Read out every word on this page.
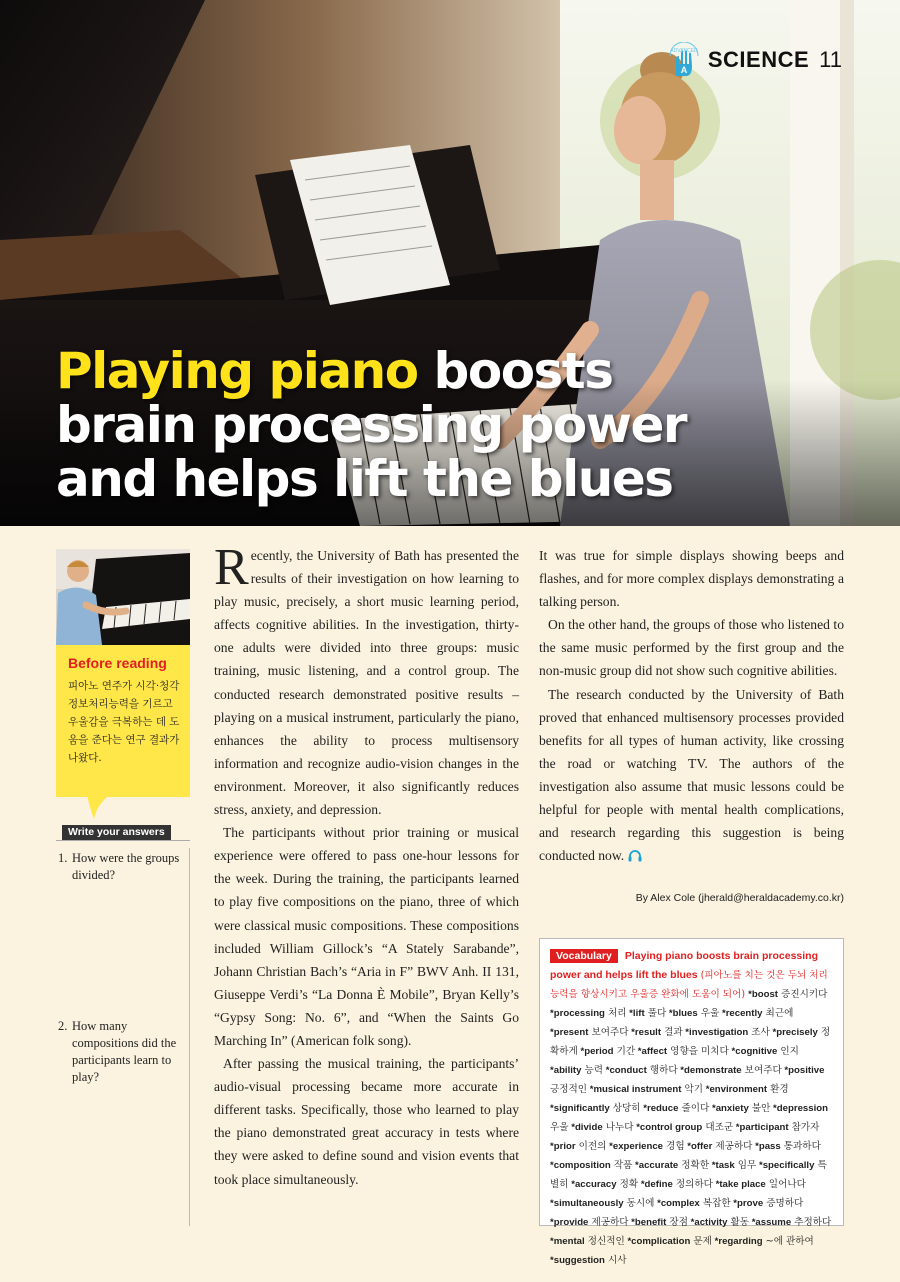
ADVANCED
A SCIENCE 11
Playing piano boosts brain processing power and helps lift the blues
Before reading
피아노 연주가 시각·청각 정보처리능력을 기르고 우울감을 극복하는 데 도움을 준다는 연구 결과가 나왔다.
Write your answers
1. How were the groups divided?
2. How many compositions did the participants learn to play?

Recently, the University of Bath has presented the results of their investigation on how learning to play music, precisely, a short music learning period, affects cognitive abilities. In the investigation, thirty-one adults were divided into three groups: music training, music listening, and a control group. The conducted research demonstrated positive results – playing on a musical instrument, particularly the piano, enhances the ability to process multisensory information and recognize audio-vision changes in the environment. Moreover, it also significantly reduces stress, anxiety, and depression.

The participants without prior training or musical experience were offered to pass one-hour lessons for the week. During the training, the participants learned to play five compositions on the piano, three of which were classical music compositions. These compositions included William Gillock’s “A Stately Sarabande”, Johann Christian Bach’s “Aria in F” BWV Anh. II 131, Giuseppe Verdi’s “La Donna È Mobile”, Bryan Kelly’s “Gypsy Song: No. 6”, and “When the Saints Go Marching In” (American folk song).

After passing the musical training, the participants’ audio-visual processing became more accurate in different tasks. Specifically, those who learned to play the piano demonstrated great accuracy in tests where they were asked to define sound and vision events that took place simultaneously.

It was true for simple displays showing beeps and flashes, and for more complex displays demonstrating a talking person.

On the other hand, the groups of those who listened to the same music performed by the first group and the non-music group did not show such cognitive abilities.

The research conducted by the University of Bath proved that enhanced multisensory processes provided benefits for all types of human activity, like crossing the road or watching TV. The authors of the investigation also assume that music lessons could be helpful for people with mental health complications, and research regarding this suggestion is being conducted now.

By Alex Cole (jherald@heraldacademy.co.kr)
Vocabulary Playing piano boosts brain processing power and helps lift the blues (피아노를 치는 것은 두뇌 처리 능력을 향상시키고 우울증 완화에 도움이 되어) *boost 증진시키다 *processing 처리 *lift 풀다 *blues 우울 *recently 최근에 *present 보여주다 *result 결과 *investigation 조사 *precisely 정확하게 *period 기간 *affect 영향을 미치다 *cognitive 인지 *ability 능력 *conduct 행하다 *demonstrate 보여주다 *positive 긍정적인 *musical instrument 악기 *environment 환경 *significantly 상당히 *reduce 줄이다 *anxiety 불안 *depression 우울 *divide 나누다 *control group 대조군 *participant 참가자 *prior 이전의 *experience 경험 *offer 제공하다 *pass 통과하다 *composition 작품 *accurate 정확한 *task 임무 *specifically 특별히 *accuracy 정확 *define 정의하다 *take place 일어나다 *simultaneously 동시에 *complex 복잡한 *prove 증명하다 *provide 제공하다 *benefit 장점 *activity 활동 *assume 추정하다 *mental 정신적인 *complication 문제 *regarding ~에 관하여 *suggestion 시사
